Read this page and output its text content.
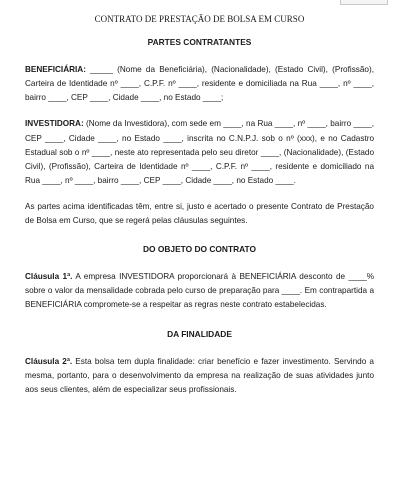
CONTRATO DE PRESTAÇÃO DE BOLSA EM CURSO
PARTES CONTRATANTES

BENEFICIÁRIA: _____ (Nome da Beneficiária), (Nacionalidade), (Estado Civil), (Profissão), Carteira de Identidade nº ____, C.P.F. nº ____, residente e domiciliada na Rua ____, nº ____, bairro ____, CEP ____, Cidade ____, no Estado ____;

INVESTIDORA: (Nome da Investidora), com sede em ____, na Rua ____, nº ____, bairro ____, CEP ____, Cidade ____, no Estado ____, inscrita no C.N.P.J. sob o nº (xxx), e no Cadastro Estadual sob o nº ____, neste ato representada pelo seu diretor ____, (Nacionalidade), (Estado Civil), (Profissão), Carteira de Identidade nº ____, C.P.F. nº ____, residente e domiciliado na Rua ____, nº ____, bairro ____, CEP ____, Cidade ____, no Estado ____.

As partes acima identificadas têm, entre si, justo e acertado o presente Contrato de Prestação de Bolsa em Curso, que se regerá pelas cláusulas seguintes.

DO OBJETO DO CONTRATO

Cláusula 1ª. A empresa INVESTIDORA proporcionará à BENEFICIÁRIA desconto de ____% sobre o valor da mensalidade cobrada pelo curso de preparação para ____. Em contrapartida a BENEFICIÁRIA compromete-se a respeitar as regras neste contrato estabelecidas.

DA FINALIDADE

Cláusula 2ª. Esta bolsa tem dupla finalidade: criar benefício e fazer investimento. Servindo a mesma, portanto, para o desenvolvimento da empresa na realização de suas atividades junto aos seus clientes, além de especializar seus profissionais.
